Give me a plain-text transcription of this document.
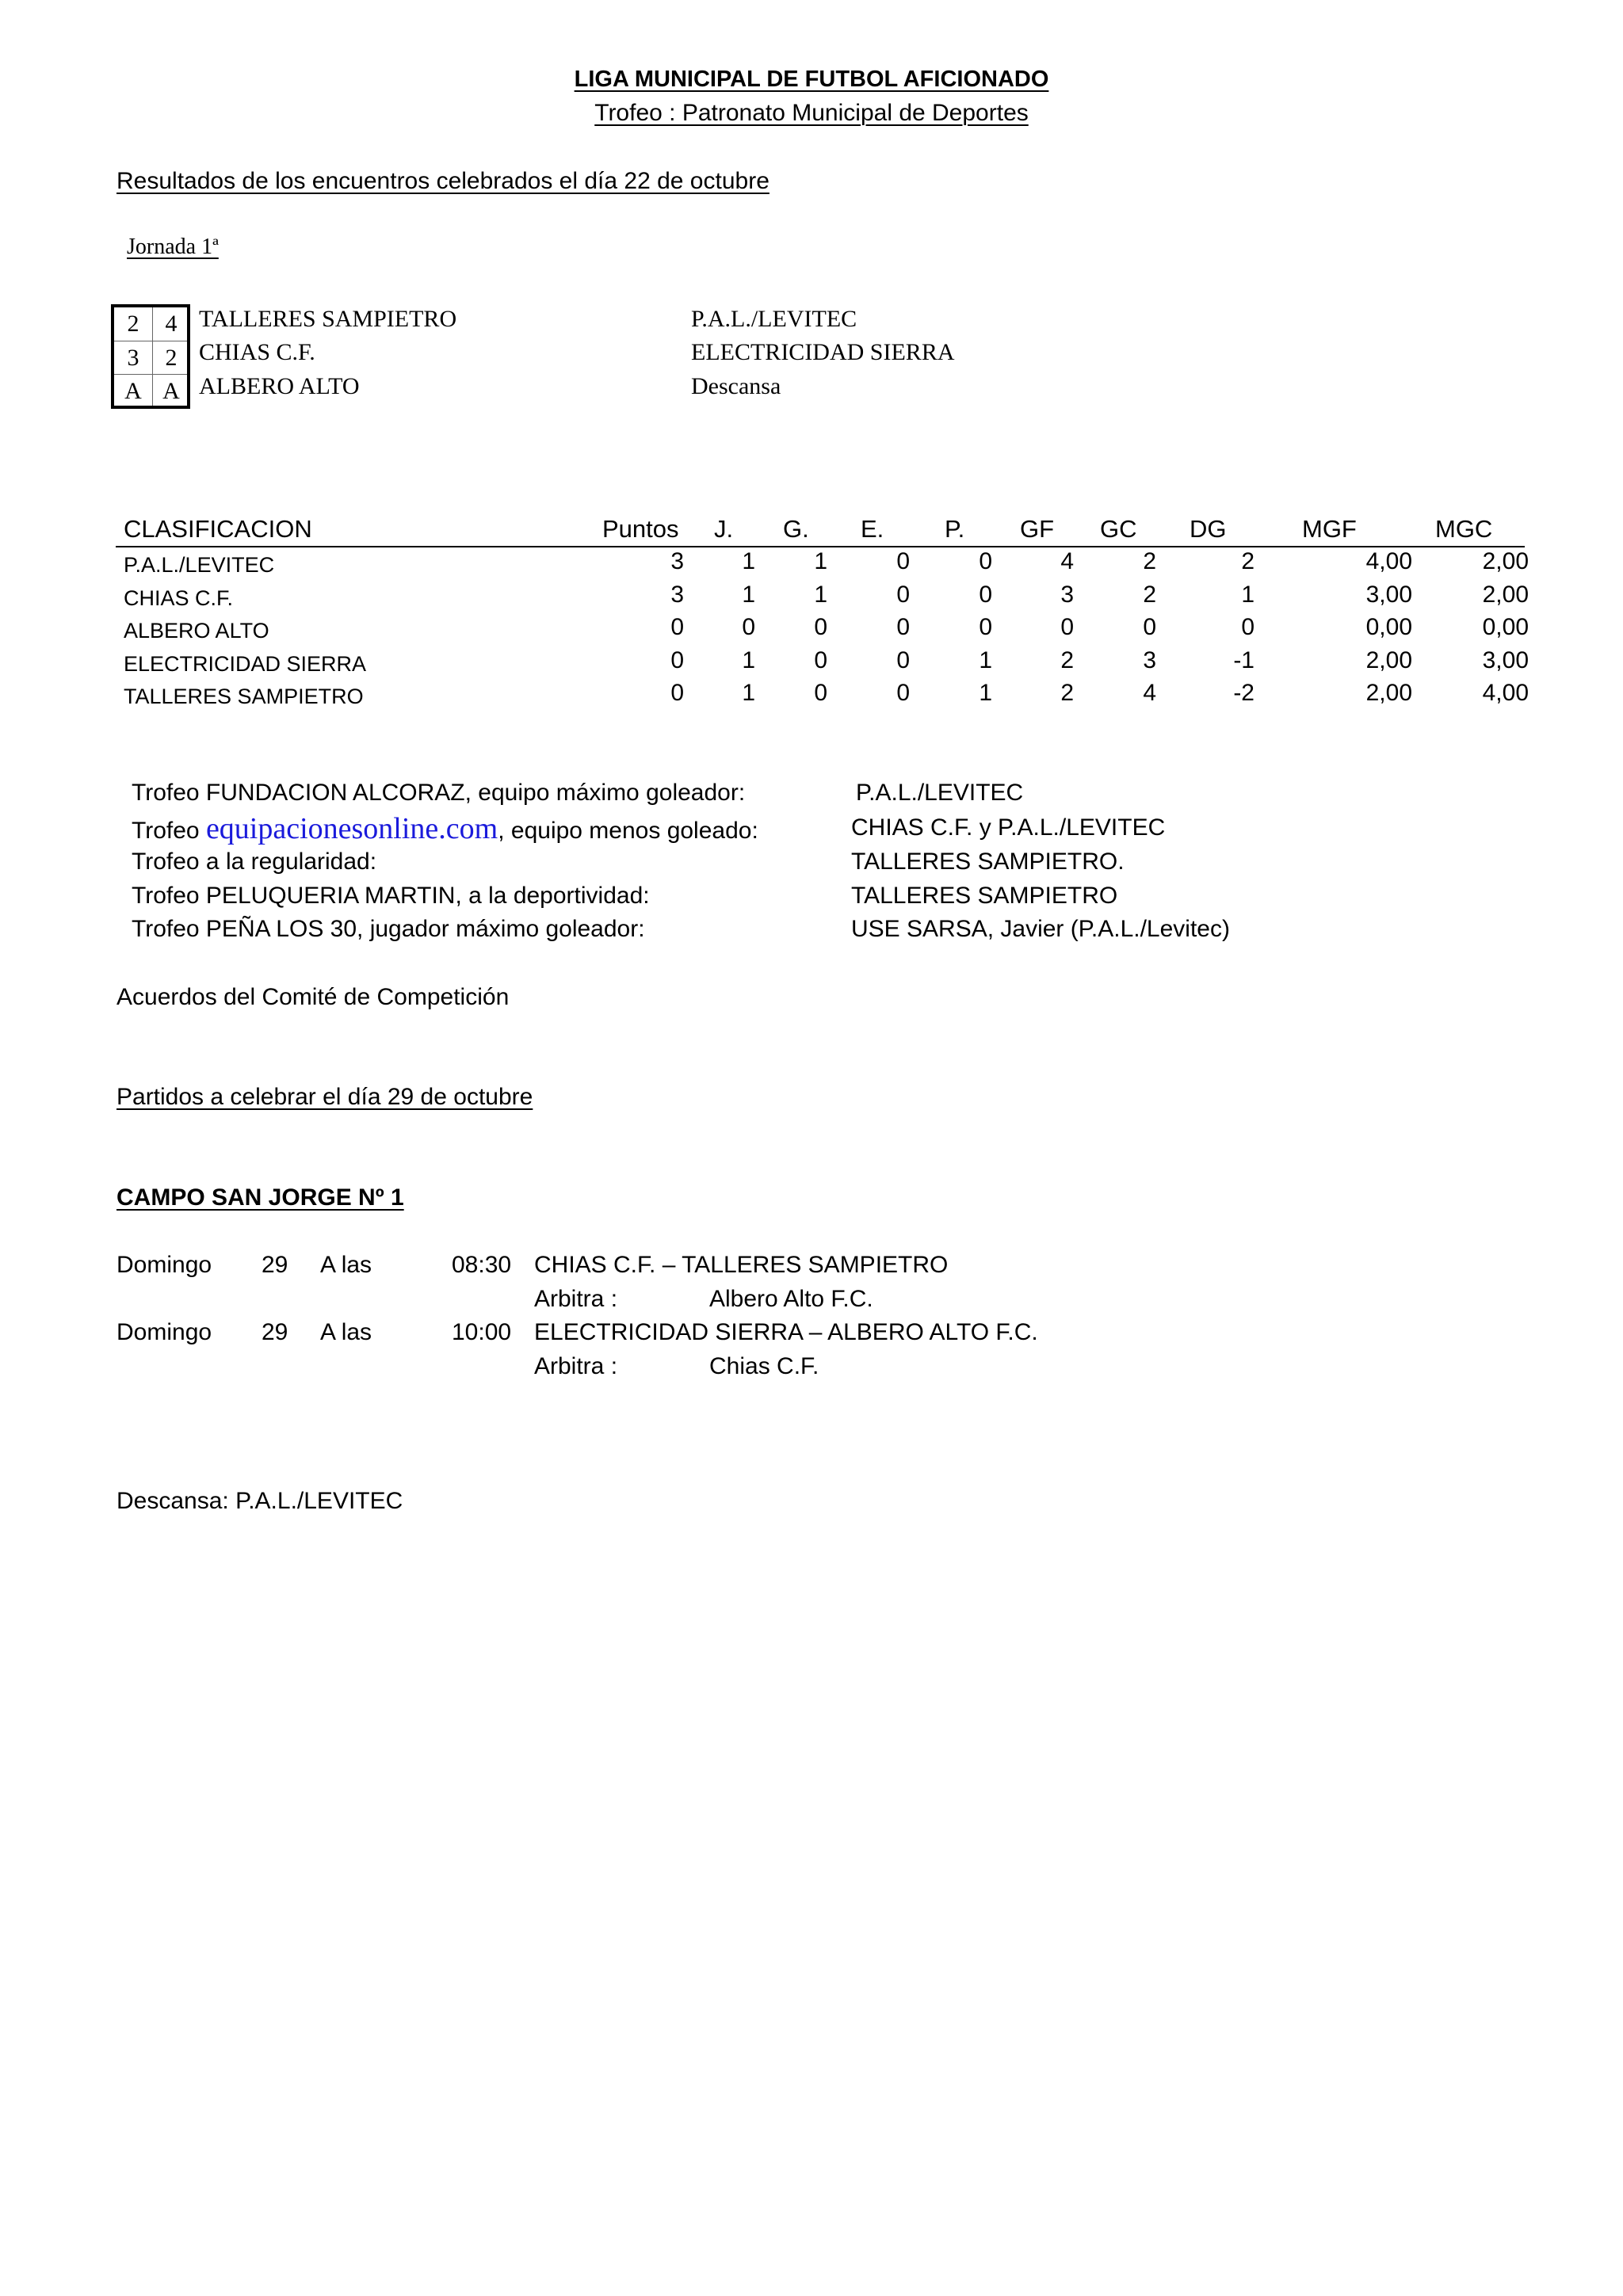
LIGA MUNICIPAL DE FUTBOL AFICIONADO
Trofeo : Patronato Municipal de Deportes
Resultados de los encuentros celebrados el día 22 de octubre
Jornada 1ª
2	4
3	2
A A
TALLERES SAMPIETRO	P.A.L./LEVITEC
CHIAS C.F.	ELECTRICIDAD SIERRA
ALBERO ALTO	Descansa
CLASIFICACION	Puntos J. G. E. P. GF GC DG	MGF	MGC
P.A.L./LEVITEC	3	1	1	0	0	4	2	2	4,00	2,00
CHIAS C.F.	3	1	1	0	0	3	2	1	3,00	2,00
ALBERO ALTO	0	0	0	0	0	0	0	0	0,00	0,00
ELECTRICIDAD SIERRA	0	1	0	0	1	2	3	-1	2,00	3,00
TALLERES SAMPIETRO	0	1	0	0	1	2	4	-2	2,00	4,00
Trofeo FUNDACION ALCORAZ, equipo máximo goleador:	P.A.L./LEVITEC
Trofeo equipacionesonline.com, equipo menos goleado:	CHIAS C.F. y P.A.L./LEVITEC
Trofeo a la regularidad:	TALLERES SAMPIETRO.
Trofeo PELUQUERIA MARTIN, a la deportividad:	TALLERES SAMPIETRO
Trofeo PEÑA LOS 30, jugador máximo goleador:	USE SARSA, Javier (P.A.L./Levitec)
Acuerdos del Comité de Competición
Partidos a celebrar el día 29 de octubre
CAMPO SAN JORGE Nº 1
Domingo 29 A las	08:30 CHIAS C.F. – TALLERES SAMPIETRO
Arbitra :	Albero Alto F.C.
Domingo 29 A las	10:00 ELECTRICIDAD SIERRA – ALBERO ALTO F.C.
Arbitra :	Chias C.F.
Descansa: P.A.L./LEVITEC
